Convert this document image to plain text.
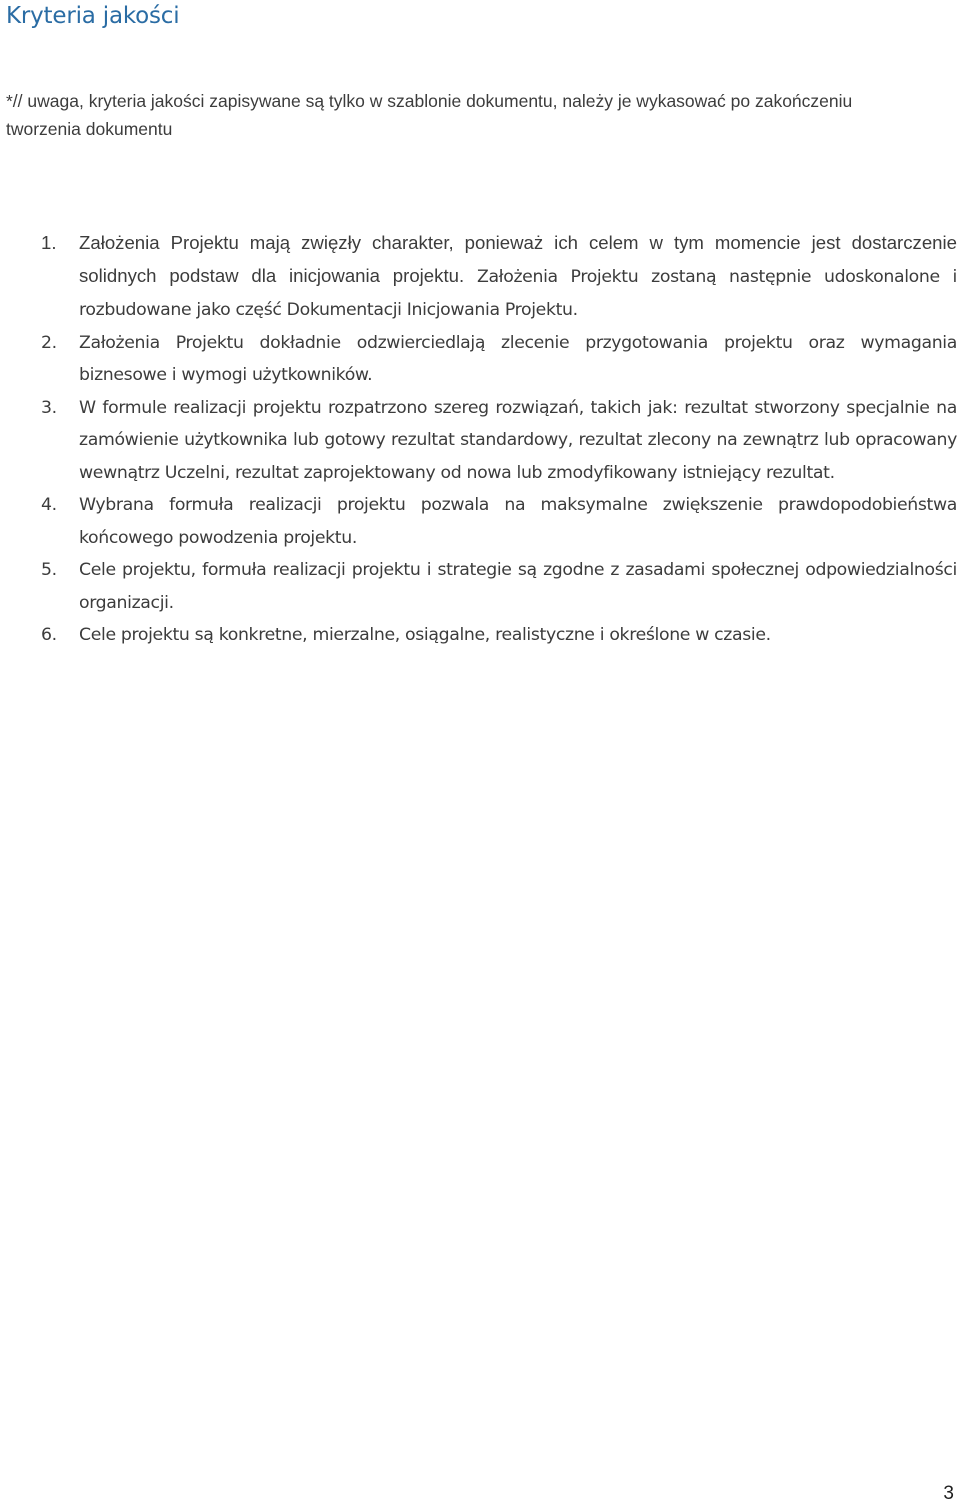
Kryteria jakości

*// uwaga, kryteria jakości zapisywane są tylko w szablonie dokumentu, należy je wykasować po zakończeniu tworzenia dokumentu

1. Założenia Projektu mają zwięzły charakter, ponieważ ich celem w tym momencie jest dostarczenie solidnych podstaw dla inicjowania projektu. Założenia Projektu zostaną następnie udoskonalone i rozbudowane jako część Dokumentacji Inicjowania Projektu.
2. Założenia Projektu dokładnie odzwierciedlają zlecenie przygotowania projektu oraz wymagania biznesowe i wymogi użytkowników.
3. W formule realizacji projektu rozpatrzono szereg rozwiązań, takich jak: rezultat stworzony specjalnie na zamówienie użytkownika lub gotowy rezultat standardowy, rezultat zlecony na zewnątrz lub opracowany wewnątrz Uczelni, rezultat zaprojektowany od nowa lub zmodyfikowany istniejący rezultat.
4. Wybrana formuła realizacji projektu pozwala na maksymalne zwiększenie prawdopodobieństwa końcowego powodzenia projektu.
5. Cele projektu, formuła realizacji projektu i strategie są zgodne z zasadami społecznej odpowiedzialności organizacji.
6. Cele projektu są konkretne, mierzalne, osiągalne, realistyczne i określone w czasie.
3
